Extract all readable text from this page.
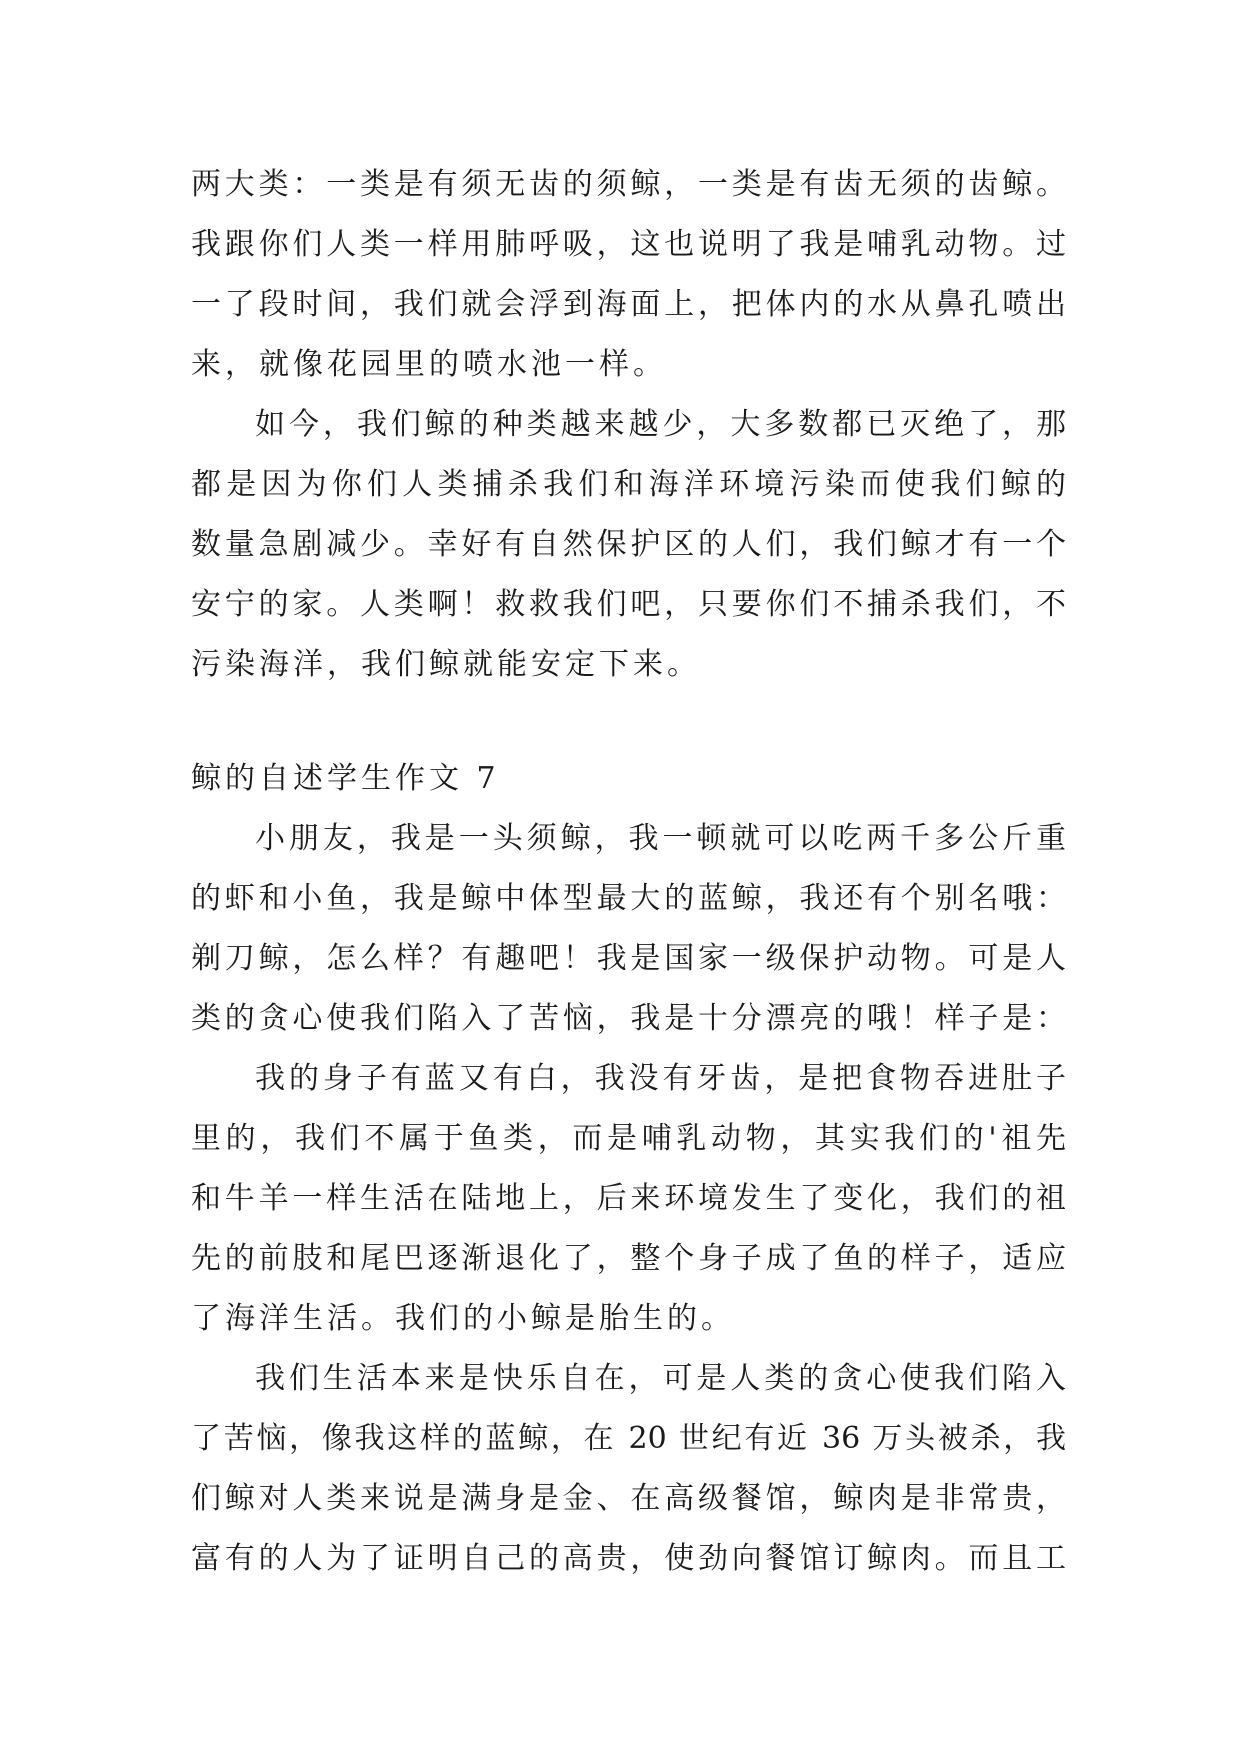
两大类：一类是有须无齿的须鲸，一类是有齿无须的齿鲸。
我跟你们人类一样用肺呼吸，这也说明了我是哺乳动物。过
一了段时间，我们就会浮到海面上，把体内的水从鼻孔喷出
来，就像花园里的喷水池一样。
如今，我们鲸的种类越来越少，大多数都已灭绝了，那
都是因为你们人类捕杀我们和海洋环境污染而使我们鲸的
数量急剧减少。幸好有自然保护区的人们，我们鲸才有一个
安宁的家。人类啊！救救我们吧，只要你们不捕杀我们，不
污染海洋，我们鲸就能安定下来。
鲸的自述学生作文 7
小朋友，我是一头须鲸，我一顿就可以吃两千多公斤重
的虾和小鱼，我是鲸中体型最大的蓝鲸，我还有个别名哦：
剃刀鲸，怎么样？有趣吧！我是国家一级保护动物。可是人
类的贪心使我们陷入了苦恼，我是十分漂亮的哦！样子是：
我的身子有蓝又有白，我没有牙齿，是把食物吞进肚子
里的，我们不属于鱼类，而是哺乳动物，其实我们的'祖先
和牛羊一样生活在陆地上，后来环境发生了变化，我们的祖
先的前肢和尾巴逐渐退化了，整个身子成了鱼的样子，适应
了海洋生活。我们的小鲸是胎生的。
我们生活本来是快乐自在，可是人类的贪心使我们陷入
了苦恼，像我这样的蓝鲸，在 20 世纪有近 36 万头被杀，我
们鲸对人类来说是满身是金、在高级餐馆，鲸肉是非常贵，
富有的人为了证明自己的高贵，使劲向餐馆订鲸肉。而且工
